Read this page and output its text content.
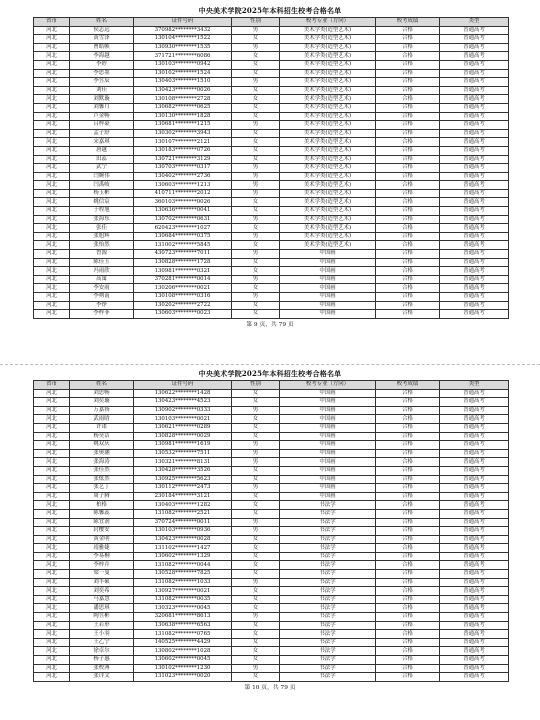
中央美术学院2025年本科招生校考合格名单
省市	姓名	证件号码	性别	校考专业（方向）	校考成绩	类型
河北	侯志远	370982********3432	男	美术学类(造型艺术)	合格	普通高考
河北	黄雪泽	130104********1522	女	美术学类(造型艺术)	合格	普通高考
河北	曹皓帧	130930********1535	男	美术学类(造型艺术)	合格	普通高考
河北	李海越	371721********6086	女	美术学类(造型艺术)	合格	普通高考
河北	李婷	130103********0942	女	美术学类(造型艺术)	合格	普通高考
河北	李思墨	130102********1524	女	美术学类(造型艺术)	合格	普通高考
河北	李昱辰	130403********1510	男	美术学类(造型艺术)	合格	普通高考
河北	刘佳	130423********0026	女	美术学类(造型艺术)	合格	普通高考
河北	刘默璇	130108********2728	女	美术学类(造型艺术)	合格	普通高考
河北	刘馨月	130682********0625	女	美术学类(造型艺术)	合格	普通高考
河北	卢金畅	130130********1828	女	美术学类(造型艺术)	合格	普通高考
河北	吕梓豪	130681********1215	男	美术学类(造型艺术)	合格	普通高考
河北	孟子舒	130302********3943	女	美术学类(造型艺术)	合格	普通高考
河北	宋嘉琪	130107********2121	女	美术学类(造型艺术)	合格	普通高考
河北	唐越	130183********0726	女	美术学类(造型艺术)	合格	普通高考
河北	田蕊	130721********3129	女	美术学类(造型艺术)	合格	普通高考
河北	武宁	130703********0317	男	美术学类(造型艺术)	合格	普通高考
河北	闫婉伟	130402********2736	男	美术学类(造型艺术)	合格	普通高考
河北	闫禹岐	130603********1213	男	美术学类(造型艺术)	合格	普通高考
河北	杨玉彬	410711********2012	男	美术学类(造型艺术)	合格	普通高考
河北	姚信宸	360103********0026	女	美术学类(造型艺术)	合格	普通高考
河北	于程旭	130636********0041	女	美术学类(造型艺术)	合格	普通高考
河北	张海东	130702********0631	男	美术学类(造型艺术)	合格	普通高考
河北	张佳	620423********1027	女	美术学类(造型艺术)	合格	普通高考
河北	张旭辉	130684********0375	男	美术学类(造型艺术)	合格	普通高考
河北	张怡然	131002********5845	女	美术学类(造型艺术)	合格	普通高考
河北	曾源	430723********7011	男	中国画	合格	普通高考
河北	陈佳玉	130828********1728	女	中国画	合格	普通高考
河北	冯雨欣	130981********0321	女	中国画	合格	普通高考
河北	高寓	370281********0014	男	中国画	合格	普通高考
河北	李安雨	130206********0021	女	中国画	合格	普通高考
河北	李朔南	130108********0316	男	中国画	合格	普通高考
河北	李铮	130202********2722	女	中国画	合格	普通高考
河北	李梓菲	130603********0023	女	中国画	合格	普通高考
第 9 页，共 79 页
中央美术学院2025年本科招生校考合格名单
省市	姓名	证件号码	性别	校考专业（方向）	校考成绩	类型
河北	刘思畅	130622********1428	女	中国画	合格	普通高考
河北	刘奕璇	130423********4523	女	中国画	合格	普通高考
河北	万嘉扬	130902********0333	男	中国画	合格	普通高考
河北	武雨晗	130103********0021	女	中国画	合格	普通高考
河北	许诺	130621********0289	女	中国画	合格	普通高考
河北	杨昊洁	130828********0029	女	中国画	合格	普通高考
河北	姚双庆	130981********1619	男	中国画	合格	普通高考
河北	张奥涵	130532********7511	男	中国画	合格	普通高考
河北	张海涛	130321********8131	男	中国画	合格	普通高考
河北	张佳然	130428********3526	女	中国画	合格	普通高考
河北	张炫然	130925********5623	女	中国画	合格	普通高考
河北	张艺丁	130112********2473	男	中国画	合格	普通高考
河北	周子腾	230184********3121	女	中国画	合格	普通高考
河北	柏格	130403********1282	女	书法学	合格	普通高考
河北	陈馨蕊	131082********2521	女	书法学	合格	普通高考
河北	陈宜润	370724********0011	男	书法学	合格	普通高考
河北	封樱安	130103********0936	男	书法学	合格	普通高考
河北	黄金明	130423********0028	女	书法学	合格	普通高考
河北	靖雅婕	131102********1427	女	书法学	合格	普通高考
河北	李易桐	130602********1329	女	书法学	合格	普通高考
河北	李梓卉	131082********0044	女	书法学	合格	普通高考
河北	梁一曼	130528********7825	女	书法学	合格	普通高考
河北	刘丰硕	131082********1033	男	书法学	合格	普通高考
河北	刘奕希	130927********0021	女	书法学	合格	普通高考
河北	马嘉慧	131082********0035	女	书法学	合格	普通高考
河北	潘思琪	130323********0045	女	书法学	合格	普通高考
河北	陶昱彬	320681********8613	男	书法学	合格	普通高考
河北	王若形	130638********6563	女	书法学	合格	普通高考
河北	王小羽	131082********0765	女	书法学	合格	普通高考
河北	王乙宁	140525********4429	女	书法学	合格	普通高考
河北	徐卓尔	130802********1028	女	书法学	合格	普通高考
河北	杨子惠	130602********0045	女	书法学	合格	普通高考
河北	张校溥	130102********1230	男	书法学	合格	普通高考
河北	张详文	131023********0020	女	书法学	合格	普通高考
第 10 页，共 79 页
